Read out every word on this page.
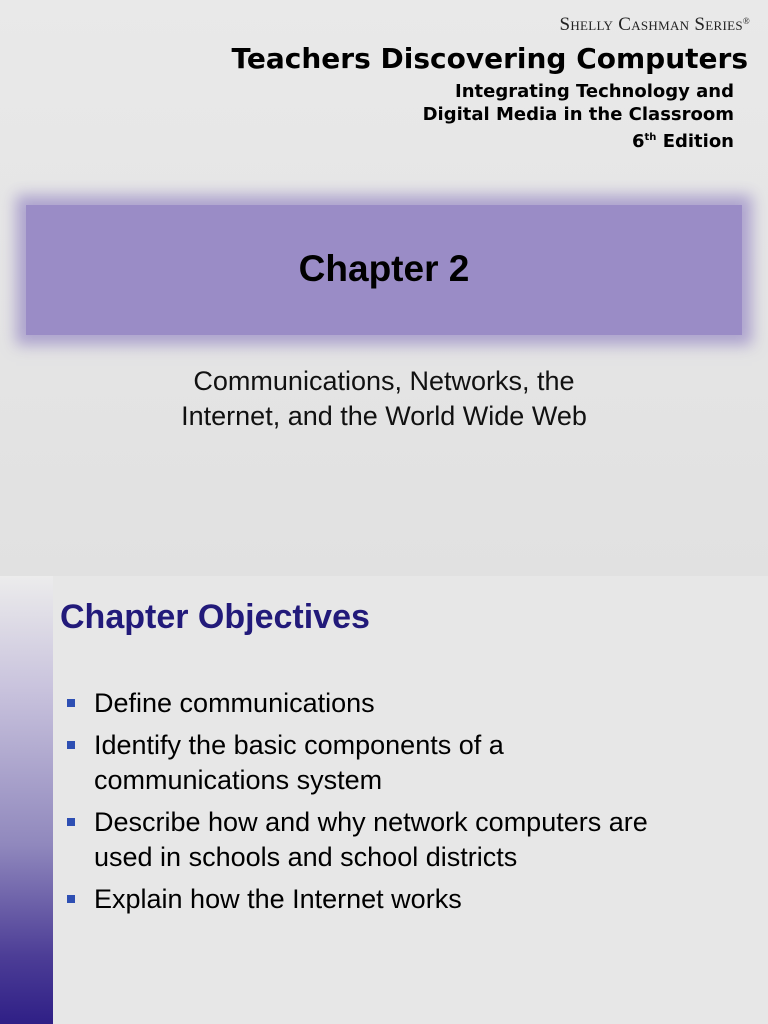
Shelly Cashman Series®
Teachers Discovering Computers
Integrating Technology and
Digital Media in the Classroom
6th Edition
Chapter 2
Communications, Networks, the
Internet, and the World Wide Web
Chapter Objectives
Define communications
Identify the basic components of a
communications system
Describe how and why network computers are
used in schools and school districts
Explain how the Internet works
